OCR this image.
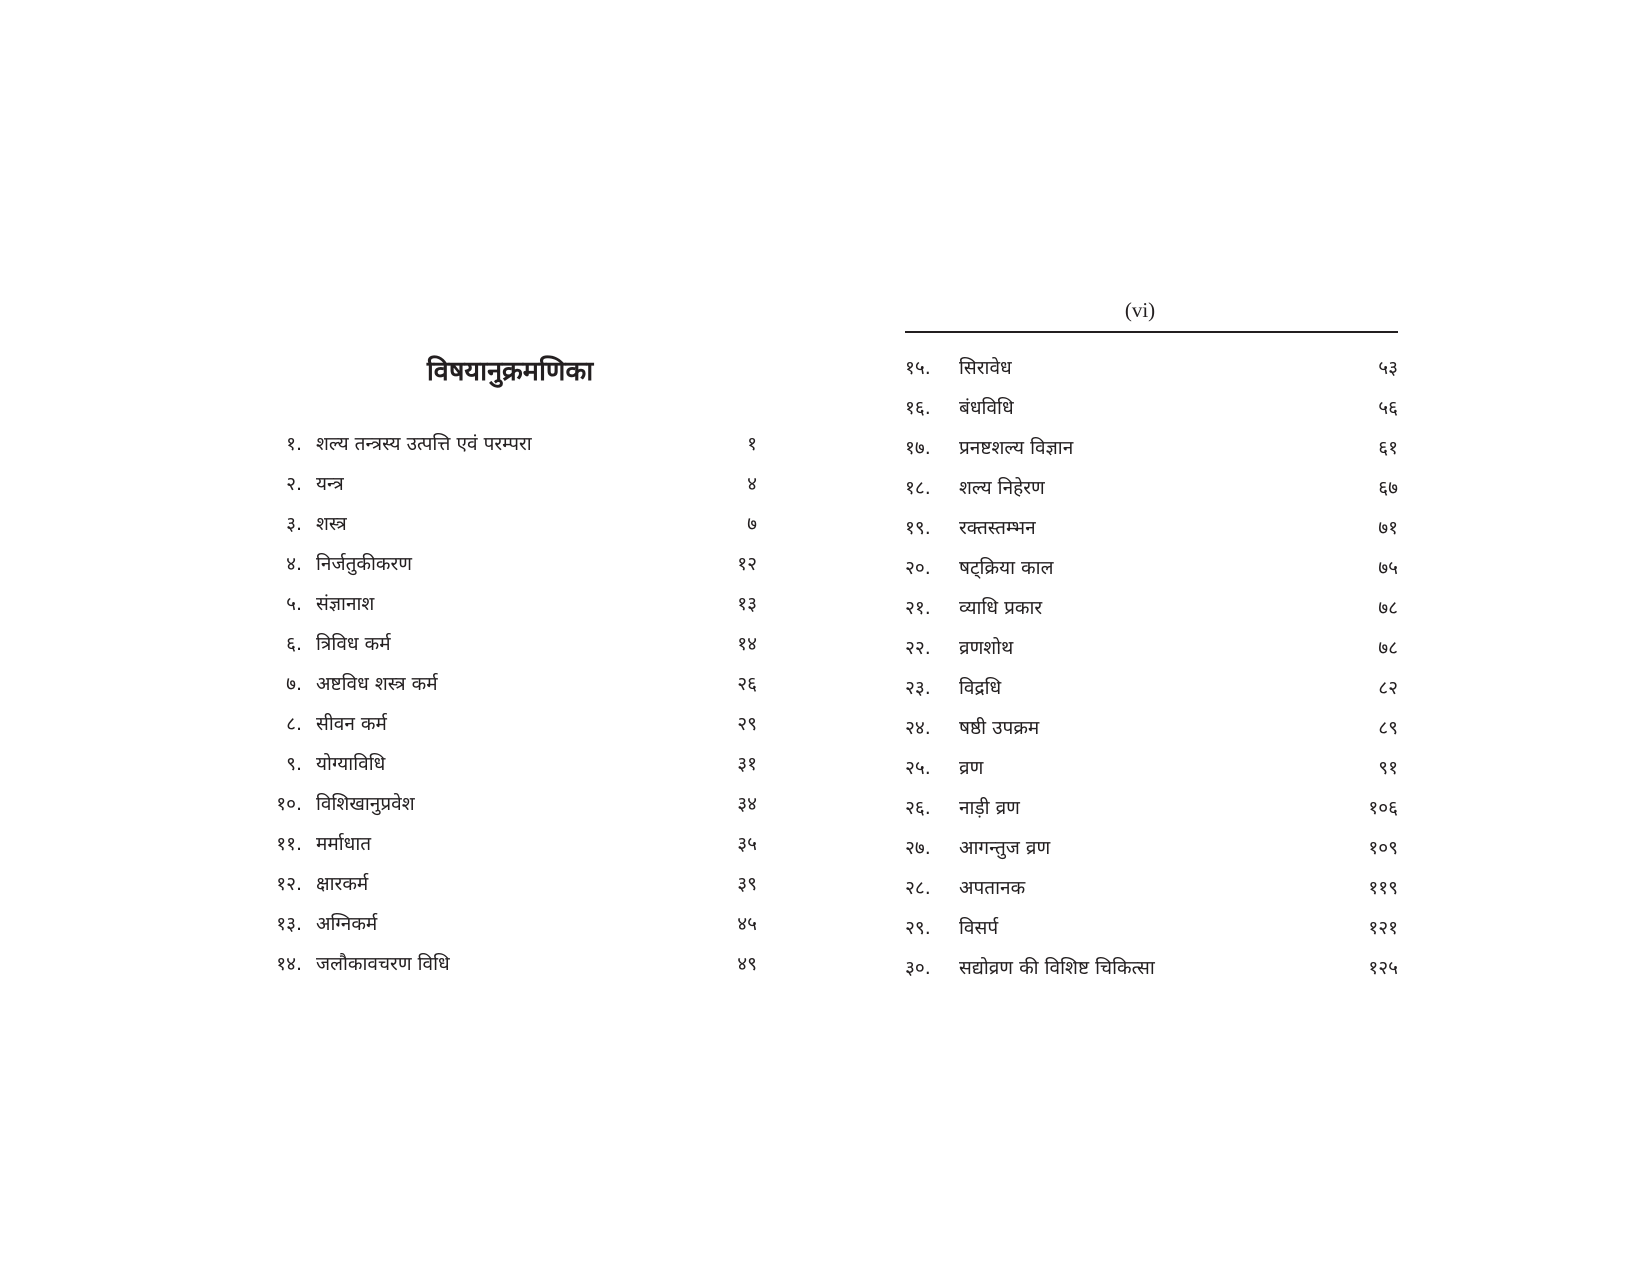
विषयानुक्रमणिका
(vi)
१. शल्य तन्त्रस्य उत्पत्ति एवं परम्परा	१
२. यन्त्र	४
३. शस्त्र	७
४. निर्जतुकीकरण	१२
५. संज्ञानाश	१३
६. त्रिविध कर्म	१४
७. अष्टविध शस्त्र कर्म	२६
८. सीवन कर्म	२९
९. योग्याविधि	३१
१०. विशिखानुप्रवेश	३४
११. मर्माधात	३५
१२. क्षारकर्म	३९
१३. अग्निकर्म	४५
१४. जलौकावचरण विधि	४९
१५.	सिरावेध	५३
१६.	बंधविधि	५६
१७.	प्रनष्टशल्य विज्ञान	६१
१८.	शल्य निहेरण	६७
१९.	रक्तस्तम्भन	७१
२०.	षट्क्रिया काल	७५
२१.	व्याधि प्रकार	७८
२२.	व्रणशोथ	७८
२३.	विद्रधि	८२
२४.	षष्ठी उपक्रम	८९
२५.	व्रण	९१
२६.	नाड़ी व्रण	१०६
२७.	आगन्तुज व्रण	१०९
२८.	अपतानक	११९
२९.	विसर्प	१२१
३०.	सद्योव्रण की विशिष्ट चिकित्सा	१२५
